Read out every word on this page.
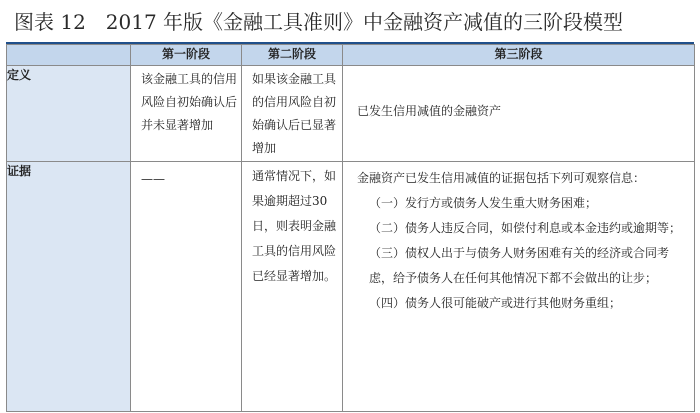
图表 12　2017 年版《金融工具准则》中金融资产减值的三阶段模型
	第一阶段	第二阶段	第三阶段
定义	该金融工具的信用风险自初始确认后并未显著增加	如果该金融工具的信用风险自初始确认后已显著增加	已发生信用减值的金融资产

证据	——	通常情况下，如果逾期超过30 日，则表明金融工具的信用风险已经显著增加。	金融资产已发生信用减值的证据包括下列可观察信息：
（一）发行方或债务人发生重大财务困难；
（二）债务人违反合同，如偿付利息或本金违约或逾期等；
（三）债权人出于与债务人财务困难有关的经济或合同考虑，给予债务人在任何其他情况下都不会做出的让步；
（四）债务人很可能破产或进行其他财务重组；
